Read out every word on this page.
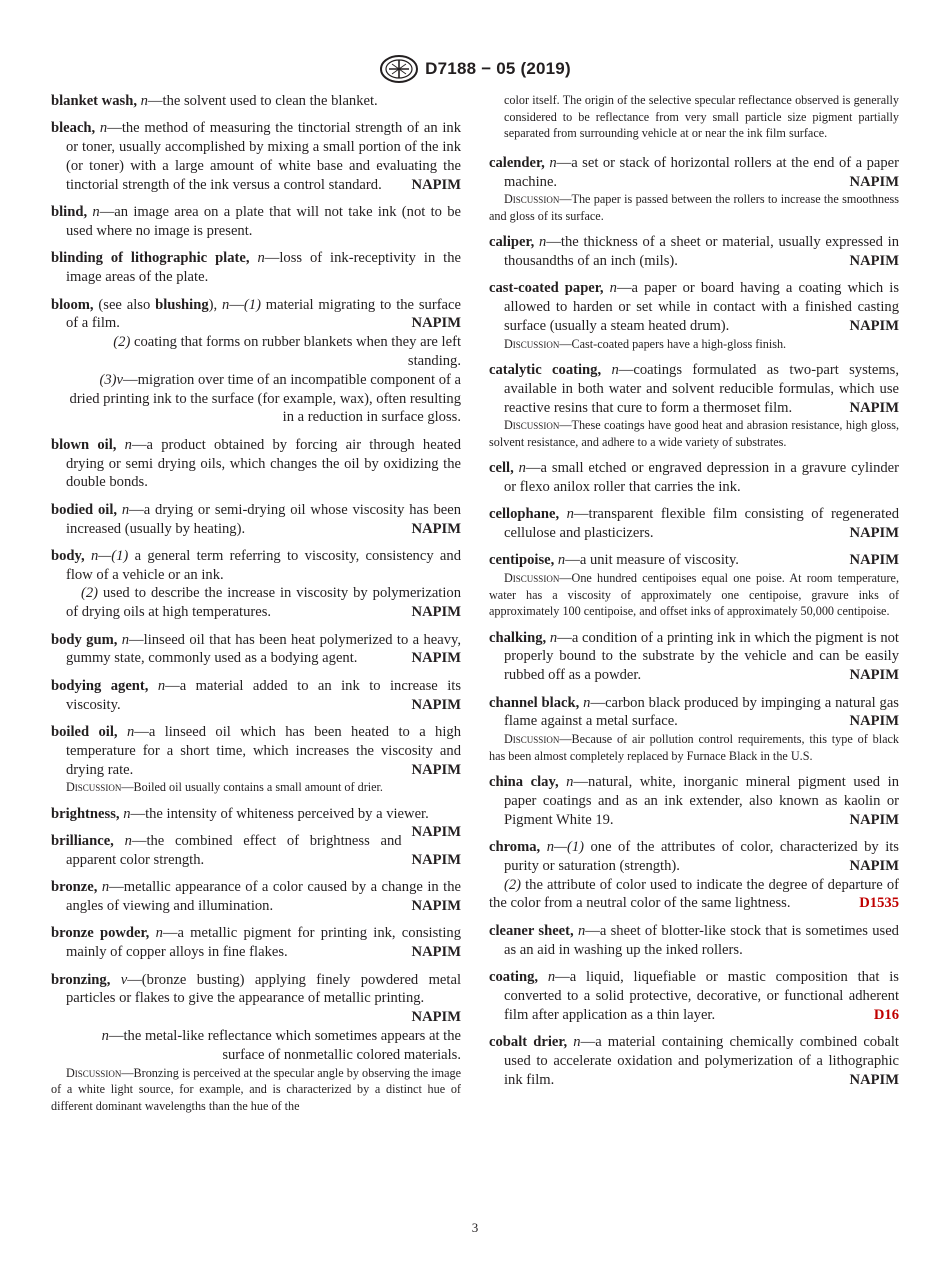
D7188 − 05 (2019)

blanket wash, n—the solvent used to clean the blanket.

bleach, n—the method of measuring the tinctorial strength of an ink or toner, usually accomplished by mixing a small portion of the ink (or toner) with a large amount of white base and evaluating the tinctorial strength of the ink versus a control standard. NAPIM

blind, n—an image area on a plate that will not take ink (not to be used where no image is present.

blinding of lithographic plate, n—loss of ink-receptivity in the image areas of the plate.

bloom, (see also blushing), n—(1) material migrating to the surface of a film.	NAPIM

(2) coating that forms on rubber blankets when they are left standing.

(3)v—migration over time of an incompatible component of a dried printing ink to the surface (for example, wax), often resulting in a reduction in surface gloss.

blown oil, n—a product obtained by forcing air through heated drying or semi drying oils, which changes the oil by oxidizing the double bonds.

bodied oil, n—a drying or semi-drying oil whose viscosity has been increased (usually by heating).	NAPIM

body, n—(1) a general term referring to viscosity, consistency and flow of a vehicle or an ink.

(2) used to describe the increase in viscosity by polymerization of drying oils at high temperatures.	NAPIM

body gum, n—linseed oil that has been heat polymerized to a heavy, gummy state, commonly used as a bodying agent.	NAPIM

bodying agent, n—a material added to an ink to increase its viscosity.	NAPIM

boiled oil, n—a linseed oil which has been heated to a high temperature for a short time, which increases the viscosity and drying rate.	NAPIM

Discussion—Boiled oil usually contains a small amount of drier.

brightness, n—the intensity of whiteness perceived by a viewer.
NAPIM

brilliance, n—the combined effect of brightness and apparent color strength.	NAPIM

bronze, n—metallic appearance of a color caused by a change in the angles of viewing and illumination.	NAPIM

bronze powder, n—a metallic pigment for printing ink, consisting mainly of copper alloys in fine flakes.	NAPIM

bronzing, v—(bronze busting) applying finely powdered metal particles or flakes to give the appearance of metallic printing.
NAPIM

n—the metal-like reflectance which sometimes appears at the surface of nonmetallic colored materials.

Discussion—Bronzing is perceived at the specular angle by observing the image of a white light source, for example, and is characterized by a distinct hue of different dominant wavelengths than the hue of the

color itself. The origin of the selective specular reflectance observed is generally considered to be reflectance from very small particle size pigment partially separated from surrounding vehicle at or near the ink film surface.

calender, n—a set or stack of horizontal rollers at the end of a paper machine.	NAPIM

Discussion—The paper is passed between the rollers to increase the smoothness and gloss of its surface.

caliper, n—the thickness of a sheet or material, usually expressed in thousandths of an inch (mils).	NAPIM

cast-coated paper, n—a paper or board having a coating which is allowed to harden or set while in contact with a finished casting surface (usually a steam heated drum).	NAPIM

Discussion—Cast-coated papers have a high-gloss finish.

catalytic coating, n—coatings formulated as two-part systems, available in both water and solvent reducible formulas, which use reactive resins that cure to form a thermoset film.	NAPIM

Discussion—These coatings have good heat and abrasion resistance, high gloss, solvent resistance, and adhere to a wide variety of substrates.

cell, n—a small etched or engraved depression in a gravure cylinder or flexo anilox roller that carries the ink.

cellophane, n—transparent flexible film consisting of regenerated cellulose and plasticizers.	NAPIM

centipoise, n—a unit measure of viscosity.	NAPIM

Discussion—One hundred centipoises equal one poise. At room temperature, water has a viscosity of approximately one centipoise, gravure inks of approximately 100 centipoise, and offset inks of approximately 50,000 centipoise.

chalking, n—a condition of a printing ink in which the pigment is not properly bound to the substrate by the vehicle and can be easily rubbed off as a powder.	NAPIM

channel black, n—carbon black produced by impinging a natural gas flame against a metal surface.	NAPIM

Discussion—Because of air pollution control requirements, this type of black has been almost completely replaced by Furnace Black in the U.S.

china clay, n—natural, white, inorganic mineral pigment used in paper coatings and as an ink extender, also known as kaolin or Pigment White 19.	NAPIM

chroma, n—(1) one of the attributes of color, characterized by its purity or saturation (strength).	NAPIM

(2) the attribute of color used to indicate the degree of departure of the color from a neutral color of the same lightness.	D1535

cleaner sheet, n—a sheet of blotter-like stock that is sometimes used as an aid in washing up the inked rollers.

coating, n—a liquid, liquefiable or mastic composition that is converted to a solid protective, decorative, or functional adherent film after application as a thin layer.	D16

cobalt drier, n—a material containing chemically combined cobalt used to accelerate oxidation and polymerization of a lithographic ink film.	NAPIM

3
